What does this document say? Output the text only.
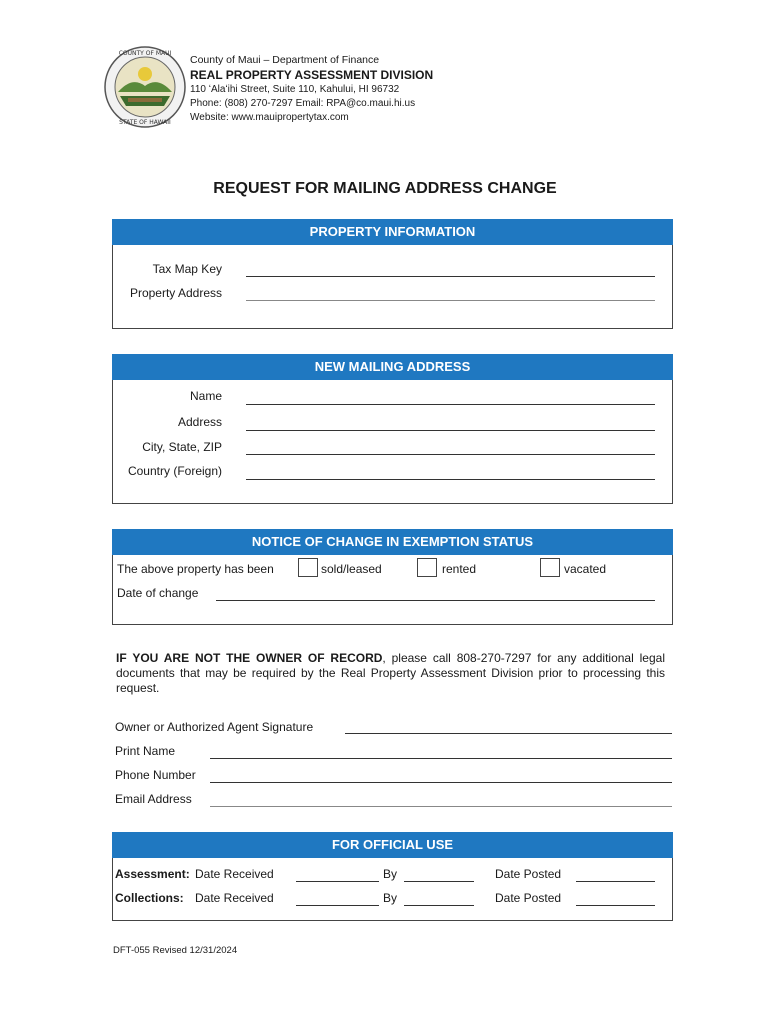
COUNTY OF MAUI
STATE OF HAWAII
County of Maui – Department of Finance
REAL PROPERTY ASSESSMENT DIVISION
110 ʻAlaʻihi Street, Suite 110, Kahului, HI 96732
Phone: (808) 270-7297 Email: RPA@co.maui.hi.us
Website: www.mauipropertytax.com
REQUEST FOR MAILING ADDRESS CHANGE
PROPERTY INFORMATION
Tax Map Key
Property Address
NEW MAILING ADDRESS
Name
Address
City, State, ZIP
Country (Foreign)
NOTICE OF CHANGE IN EXEMPTION STATUS
The above property has been	sold/leased	rented	vacated
Date of change
IF YOU ARE NOT THE OWNER OF RECORD, please call 808-270-7297 for any additional legal documents that may be required by the Real Property Assessment Division prior to processing this request.
Owner or Authorized Agent Signature
Print Name
Phone Number
Email Address
FOR OFFICIAL USE
Assessment: Date Received	By	Date Posted
Collections: Date Received	By	Date Posted
DFT-055 Revised 12/31/2024
